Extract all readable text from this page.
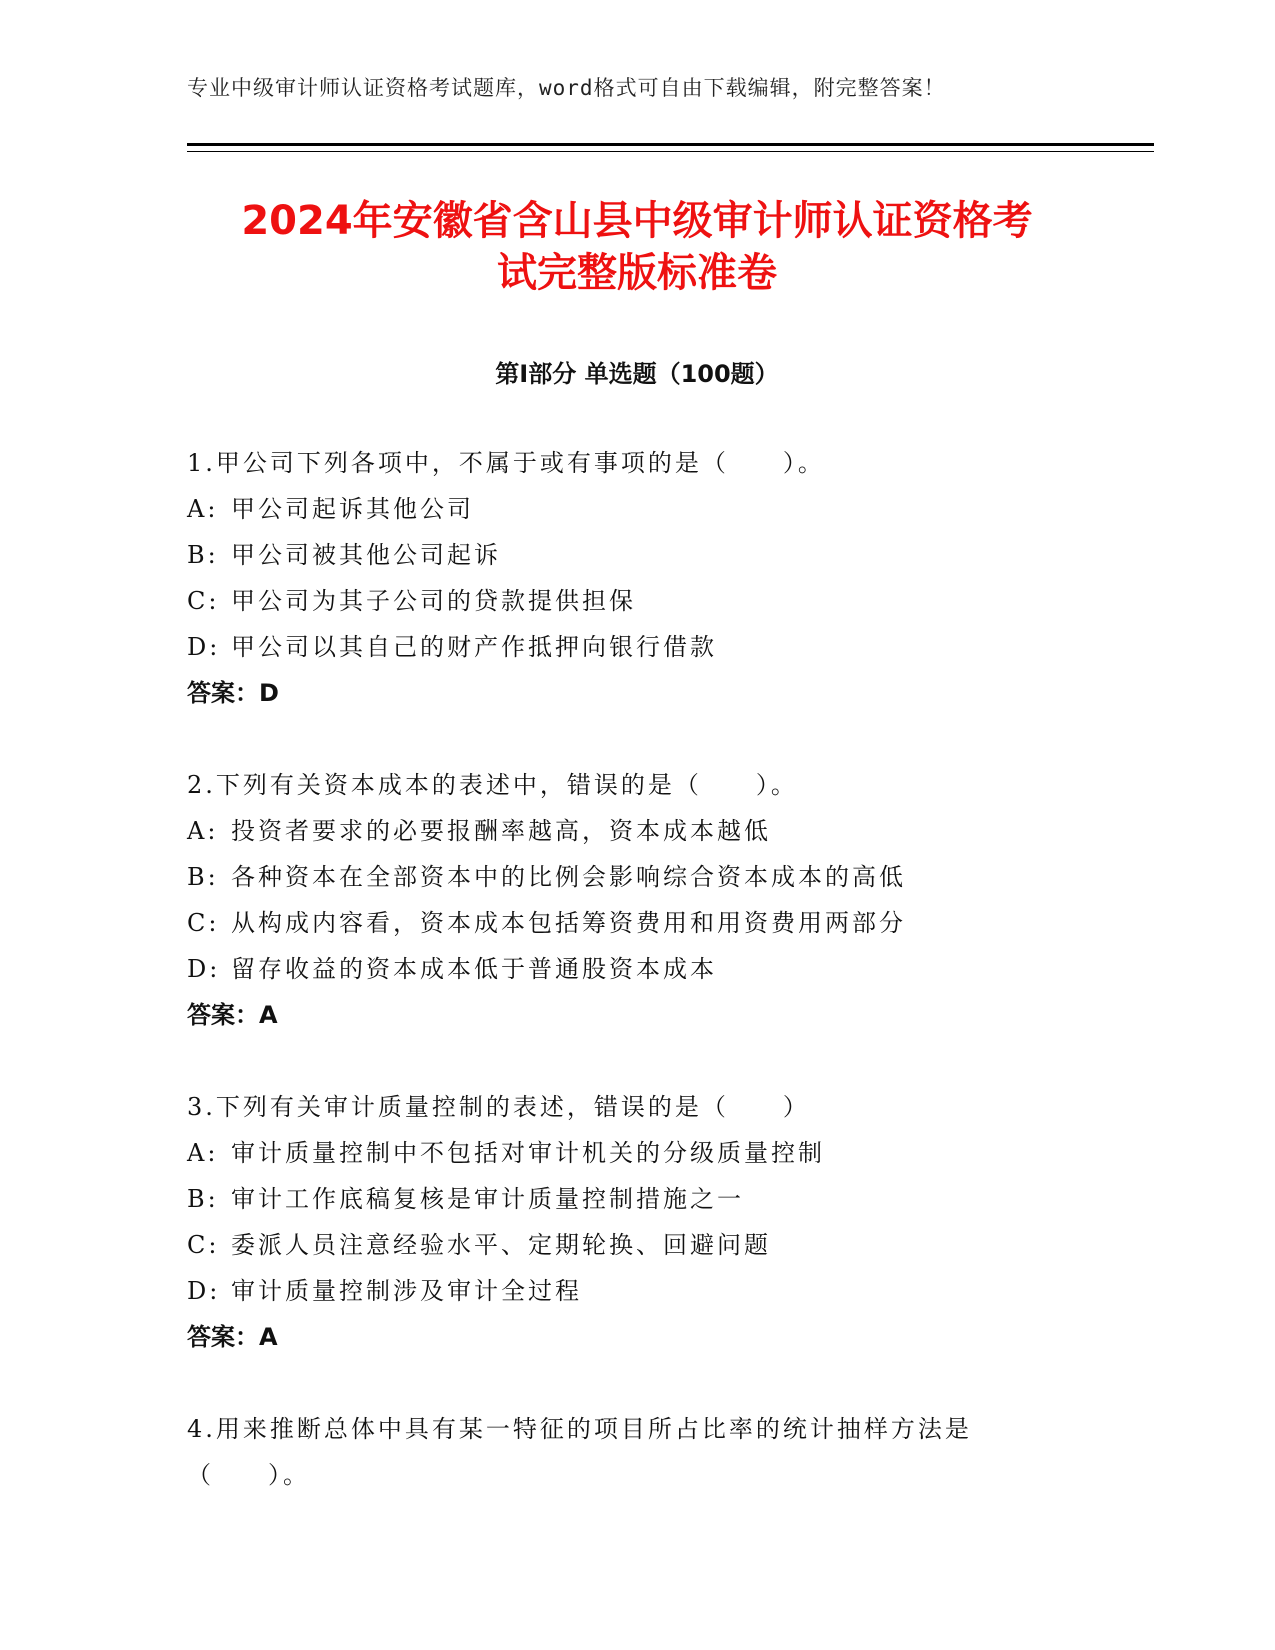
专业中级审计师认证资格考试题库，word格式可自由下载编辑，附完整答案！
2024年安徽省含山县中级审计师认证资格考
试完整版标准卷
第I部分 单选题（100题）
1.甲公司下列各项中，不属于或有事项的是（　　）。
A: 甲公司起诉其他公司
B: 甲公司被其他公司起诉
C: 甲公司为其子公司的贷款提供担保
D: 甲公司以其自己的财产作抵押向银行借款
答案：D
2.下列有关资本成本的表述中，错误的是（　　）。
A: 投资者要求的必要报酬率越高，资本成本越低
B: 各种资本在全部资本中的比例会影响综合资本成本的高低
C: 从构成内容看，资本成本包括筹资费用和用资费用两部分
D: 留存收益的资本成本低于普通股资本成本
答案：A
3.下列有关审计质量控制的表述，错误的是（　　）
A: 审计质量控制中不包括对审计机关的分级质量控制
B: 审计工作底稿复核是审计质量控制措施之一
C: 委派人员注意经验水平、定期轮换、回避问题
D: 审计质量控制涉及审计全过程
答案：A
4.用来推断总体中具有某一特征的项目所占比率的统计抽样方法是（　　）。
